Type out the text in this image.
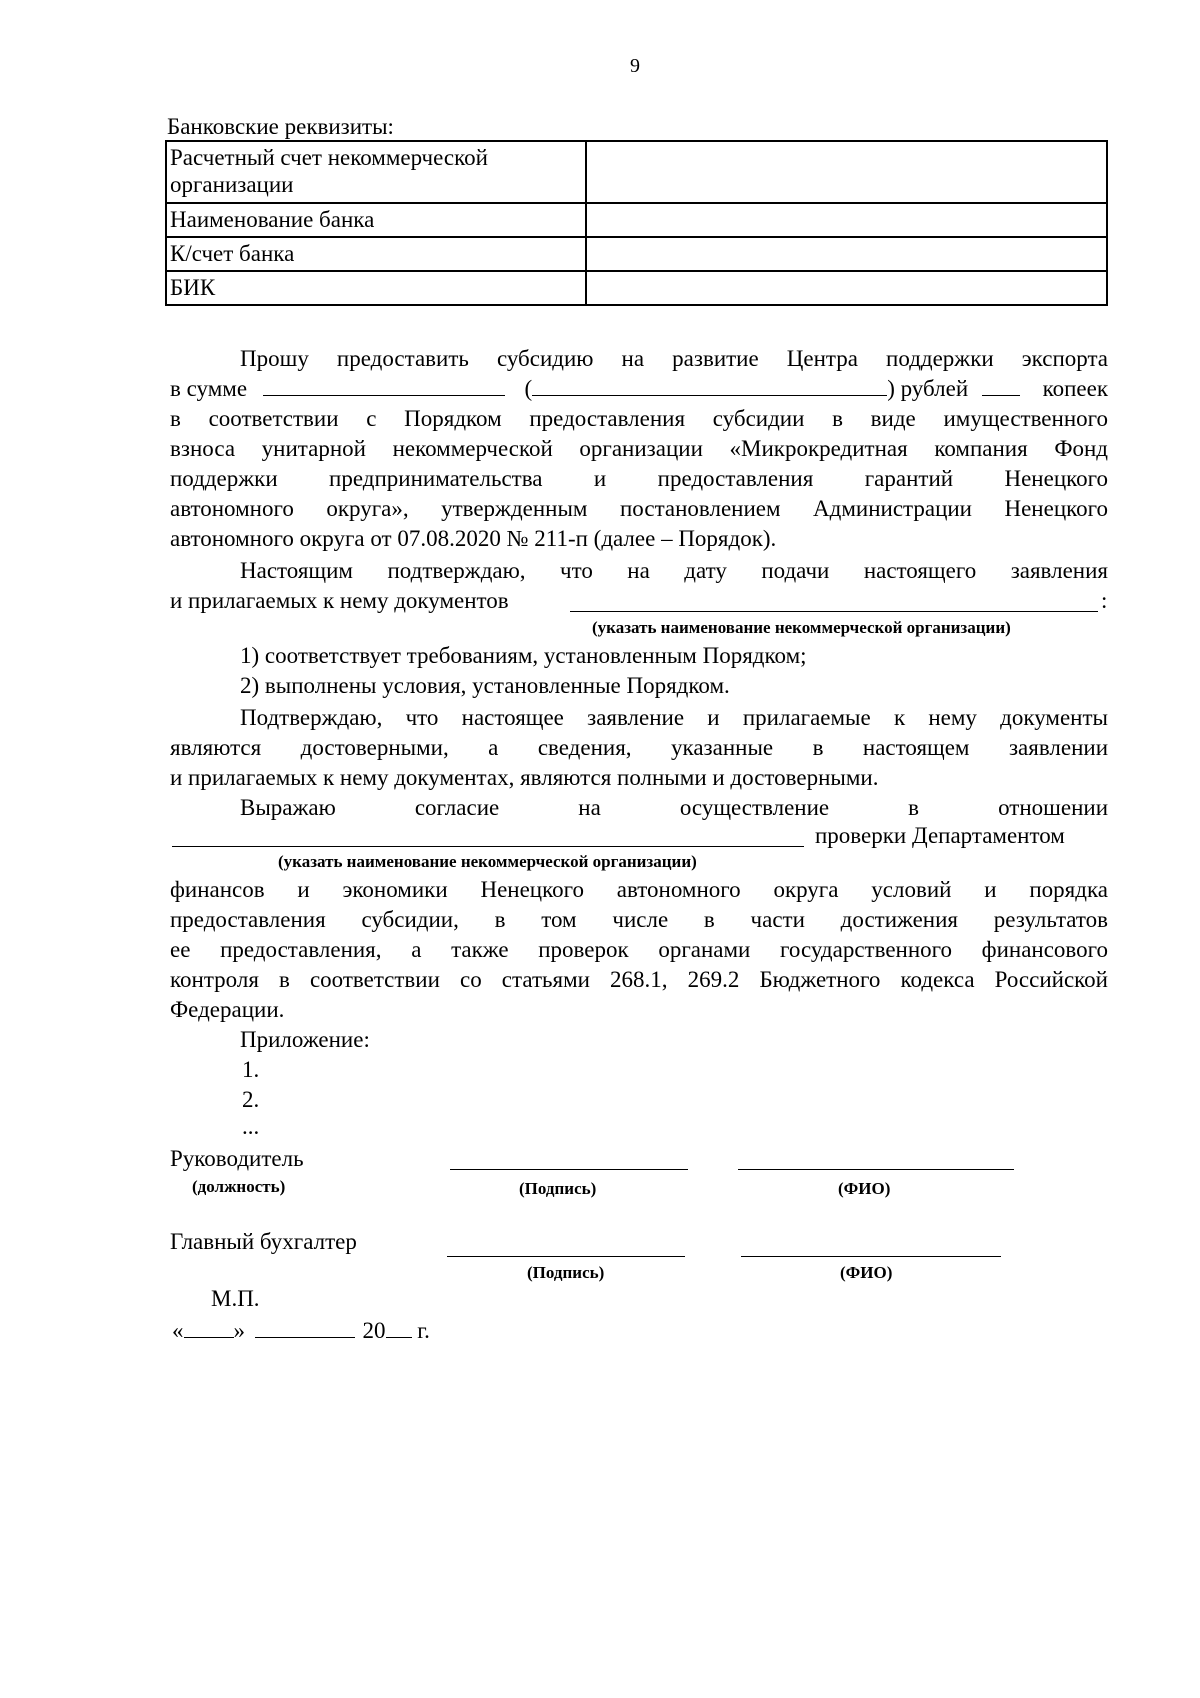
9
Банковские реквизиты:
Расчетный счет некоммерческой организации	
Наименование банка	
К/счет банка	
БИК	
Прошу предоставить субсидию на развитие Центра поддержки экспорта
в сумме	(	) рублей	копеек
в соответствии с Порядком предоставления субсидии в виде имущественного
взноса унитарной некоммерческой организации «Микрокредитная компания Фонд
поддержки предпринимательства и предоставления гарантий Ненецкого
автономного округа», утвержденным постановлением Администрации Ненецкого
автономного округа от 07.08.2020 № 211-п (далее – Порядок).
Настоящим подтверждаю, что на дату подачи настоящего заявления
и прилагаемых к нему документов	:
(указать наименование некоммерческой организации)
1) соответствует требованиям, установленным Порядком;
2) выполнены условия, установленные Порядком.
Подтверждаю, что настоящее заявление и прилагаемые к нему документы
являются достоверными, а сведения, указанные в настоящем заявлении
и прилагаемых к нему документах, являются полными и достоверными.
Выражаю согласие на осуществление в отношении
проверки Департаментом
(указать наименование некоммерческой организации)
финансов и экономики Ненецкого автономного округа условий и порядка
предоставления субсидии, в том числе в части достижения результатов
ее предоставления, а также проверок органами государственного финансового
контроля в соответствии со статьями 268.1, 269.2 Бюджетного кодекса Российской
Федерации.
Приложение:
1.
2.
...
Руководитель
(должность)	(Подпись)	(ФИО)
Главный бухгалтер
(Подпись)	(ФИО)
М.П.
« »	20 г.
